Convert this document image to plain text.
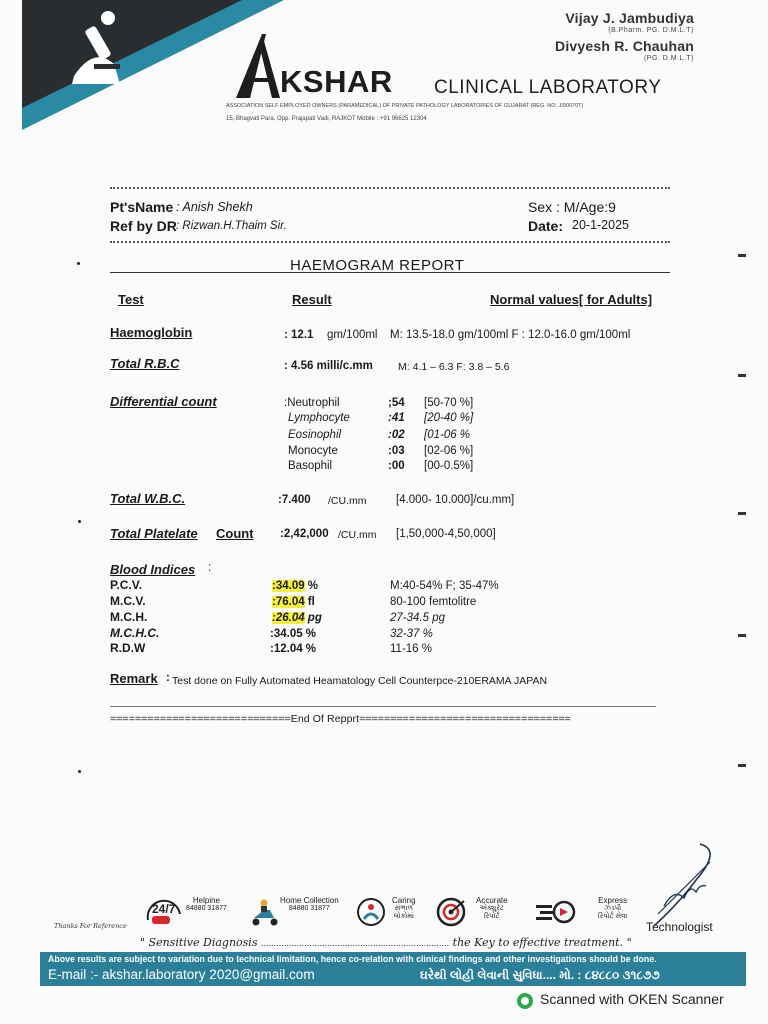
Vijay J. Jambudiya
(B.Pharm. PG. D.M.L.T)
Divyesh R. Chauhan
(PG. D.M.L.T)
KSHAR CLINICAL LABORATORY
ASSOCIATION SELF EMPLOYED OWNERS (PARAMEDICAL) OF PRIVATE PATHOLOGY LABORATORIES OF GUJARAT (REG. NO. J/00070T)
15, Bhagvati Para, Opp. Prajapati Vadi, RAJKOT Mobile : +91 96625 12304
Pt'sName : Anish Shekh
Ref by DR : Rizwan.H.Thaim Sir.
Sex : M/Age:9
Date: 20-1-2025
HAEMOGRAM REPORT
Test	Result	Normal values[ for Adults]
Haemoglobin	: 12.1 gm/100ml M: 13.5-18.0 gm/100ml F : 12.0-16.0 gm/100ml
Total R.B.C	: 4.56 milli/c.mm M: 4.1 – 6.3 F: 3.8 – 5.6
Differential count	:Neutrophil	;54 [50-70 %]
Lymphocyte	:41 [20-40 %]
Eosinophil	:02 [01-06 %
Monocyte	:03 [02-06 %]
Basophil	:00 [00-0.5%]
Total W.B.C.	:7.400 /CU.mm	[4.000- 10.000]/cu.mm]
Total Platelate Count :2,42,000 /CU.mm [1,50,000-4,50,000]
Blood Indices :
P.C.V.	:34.09 %	M:40-54% F; 35-47%
M.C.V.	:76.04 fl	80-100 femtolitre
M.C.H.	:26.04 pg	27-34.5 pg
M.C.H.C.	:34.05 %	32-37 %
R.D.W	:12.04 %	11-16 %
Remark : Test done on Fully Automated Heamatology Cell Counterpce-210ERAMA JAPAN
=============================End Of Repprt==================================
24/7
Helpine
84880 31877
Home Collection
84880 31877
Caring
સંભાળ
લોકોમાં
Accurate
એક્યુરેટ
રિપોર્ટ
Express
ઝડપી
રિપોર્ટ સેવા
Thanks For Reference
" Sensitive Diagnosis .......................................................................... the Key to effective treatment. "
Technologist
Above results are subject to variation due to technical limitation, hence co-relation with clinical findings and other investigations should be done.
E-mail :- akshar.laboratory 2020@gmail.com	ઘરેથી લોહી લેવાની સુવિધા.... મો. : ૮૪૮૮૦ ૩૧૮૭૭
Scanned with OKEN Scanner
